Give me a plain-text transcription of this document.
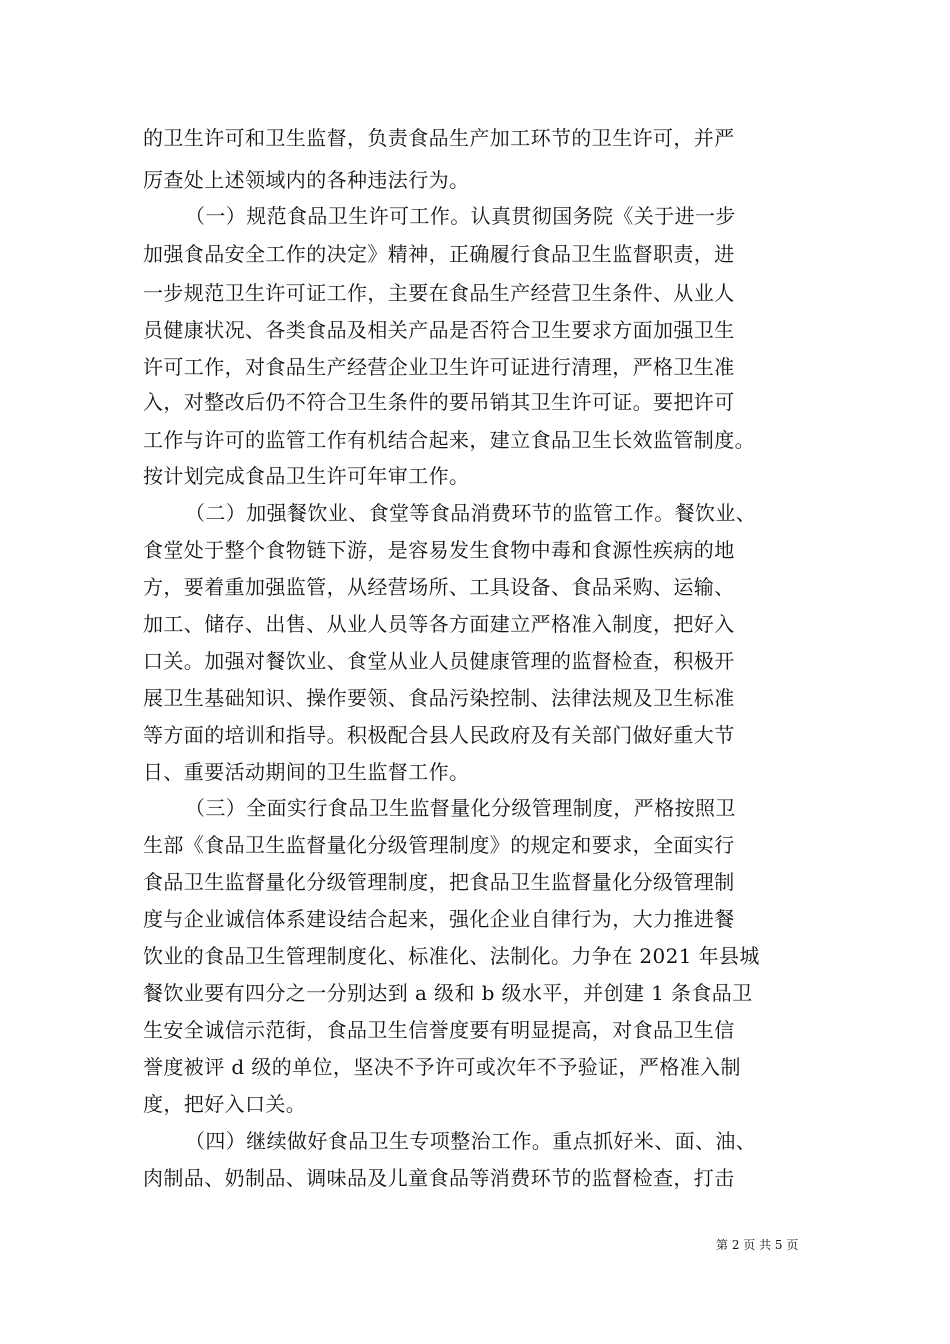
的卫生许可和卫生监督，负责食品生产加工环节的卫生许可，并严
厉查处上述领域内的各种违法行为。
（一）规范食品卫生许可工作。认真贯彻国务院《关于进一步
加强食品安全工作的决定》精神，正确履行食品卫生监督职责，进
一步规范卫生许可证工作，主要在食品生产经营卫生条件、从业人
员健康状况、各类食品及相关产品是否符合卫生要求方面加强卫生
许可工作，对食品生产经营企业卫生许可证进行清理，严格卫生准
入，对整改后仍不符合卫生条件的要吊销其卫生许可证。要把许可
工作与许可的监管工作有机结合起来，建立食品卫生长效监管制度。
按计划完成食品卫生许可年审工作。
（二）加强餐饮业、食堂等食品消费环节的监管工作。餐饮业、
食堂处于整个食物链下游，是容易发生食物中毒和食源性疾病的地
方，要着重加强监管，从经营场所、工具设备、食品采购、运输、
加工、储存、出售、从业人员等各方面建立严格准入制度，把好入
口关。加强对餐饮业、食堂从业人员健康管理的监督检查，积极开
展卫生基础知识、操作要领、食品污染控制、法律法规及卫生标准
等方面的培训和指导。积极配合县人民政府及有关部门做好重大节
日、重要活动期间的卫生监督工作。
（三）全面实行食品卫生监督量化分级管理制度，严格按照卫
生部《食品卫生监督量化分级管理制度》的规定和要求，全面实行
食品卫生监督量化分级管理制度，把食品卫生监督量化分级管理制
度与企业诚信体系建设结合起来，强化企业自律行为，大力推进餐
饮业的食品卫生管理制度化、标准化、法制化。力争在 2021 年县城
餐饮业要有四分之一分别达到 a 级和 b 级水平，并创建 1 条食品卫
生安全诚信示范街，食品卫生信誉度要有明显提高，对食品卫生信
誉度被评 d 级的单位，坚决不予许可或次年不予验证，严格准入制
度，把好入口关。
（四）继续做好食品卫生专项整治工作。重点抓好米、面、油、
肉制品、奶制品、调味品及儿童食品等消费环节的监督检查，打击
第 2 页 共 5 页
